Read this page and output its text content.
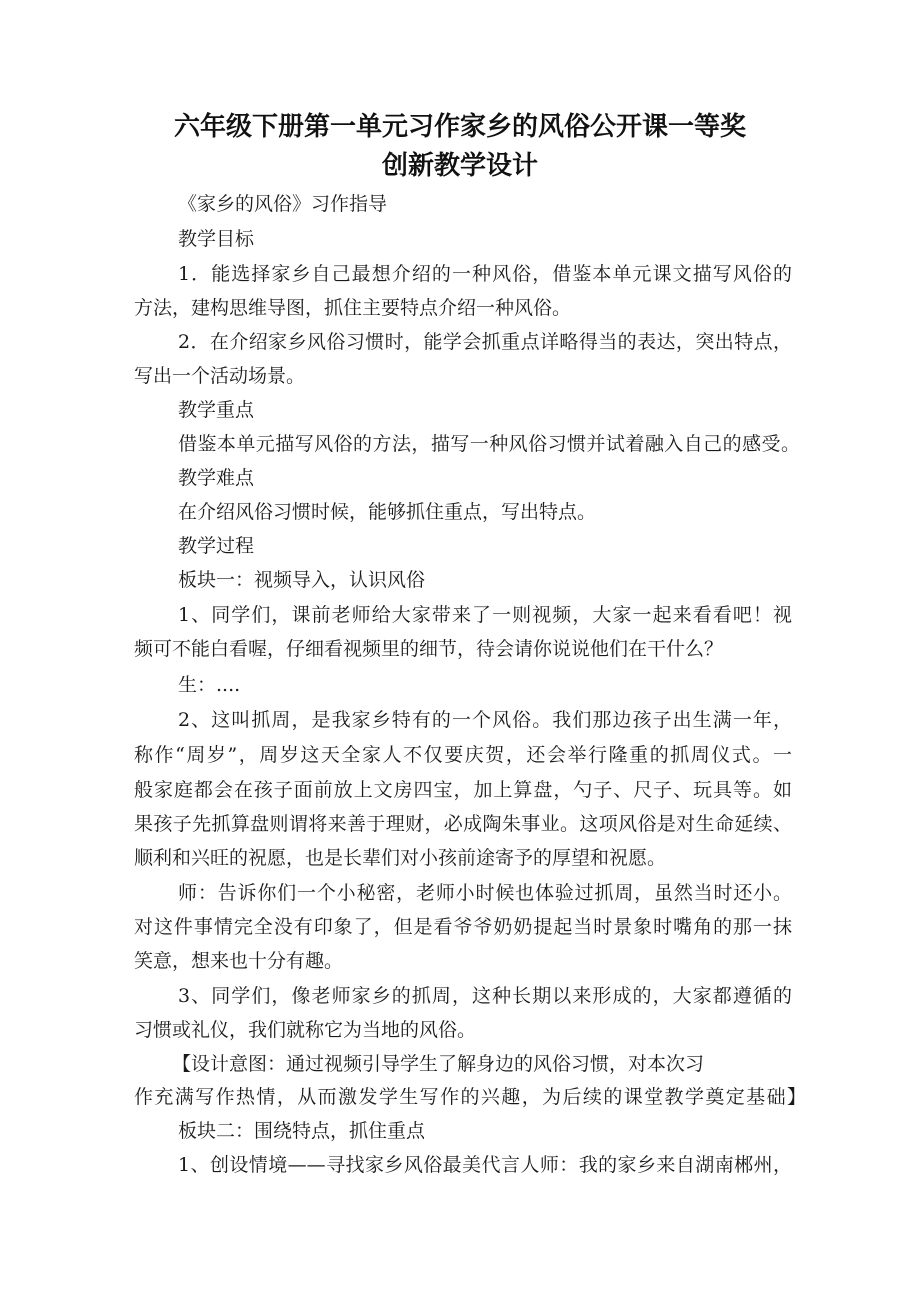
六年级下册第一单元习作家乡的风俗公开课一等奖
创新教学设计
《家乡的风俗》习作指导
教学目标
1．能选择家乡自己最想介绍的一种风俗，借鉴本单元课文描写风俗的
方法，建构思维导图，抓住主要特点介绍一种风俗。
2．在介绍家乡风俗习惯时，能学会抓重点详略得当的表达，突出特点，
写出一个活动场景。
教学重点
借鉴本单元描写风俗的方法，描写一种风俗习惯并试着融入自己的感受。
教学难点
在介绍风俗习惯时候，能够抓住重点，写出特点。
教学过程
板块一：视频导入，认识风俗
1、同学们，课前老师给大家带来了一则视频，大家一起来看看吧！视
频可不能白看喔，仔细看视频里的细节，待会请你说说他们在干什么？
生：....
2、这叫抓周，是我家乡特有的一个风俗。我们那边孩子出生满一年，
称作“周岁”，周岁这天全家人不仅要庆贺，还会举行隆重的抓周仪式。一
般家庭都会在孩子面前放上文房四宝，加上算盘，勺子、尺子、玩具等。如
果孩子先抓算盘则谓将来善于理财，必成陶朱事业。这项风俗是对生命延续、
顺利和兴旺的祝愿，也是长辈们对小孩前途寄予的厚望和祝愿。
师：告诉你们一个小秘密，老师小时候也体验过抓周，虽然当时还小。
对这件事情完全没有印象了，但是看爷爷奶奶提起当时景象时嘴角的那一抹
笑意，想来也十分有趣。
3、同学们，像老师家乡的抓周，这种长期以来形成的，大家都遵循的
习惯或礼仪，我们就称它为当地的风俗。
【设计意图：通过视频引导学生了解身边的风俗习惯，对本次习
作充满写作热情，从而激发学生写作的兴趣，为后续的课堂教学奠定基础】
板块二：围绕特点，抓住重点
1、创设情境——寻找家乡风俗最美代言人师：我的家乡来自湖南郴州，
